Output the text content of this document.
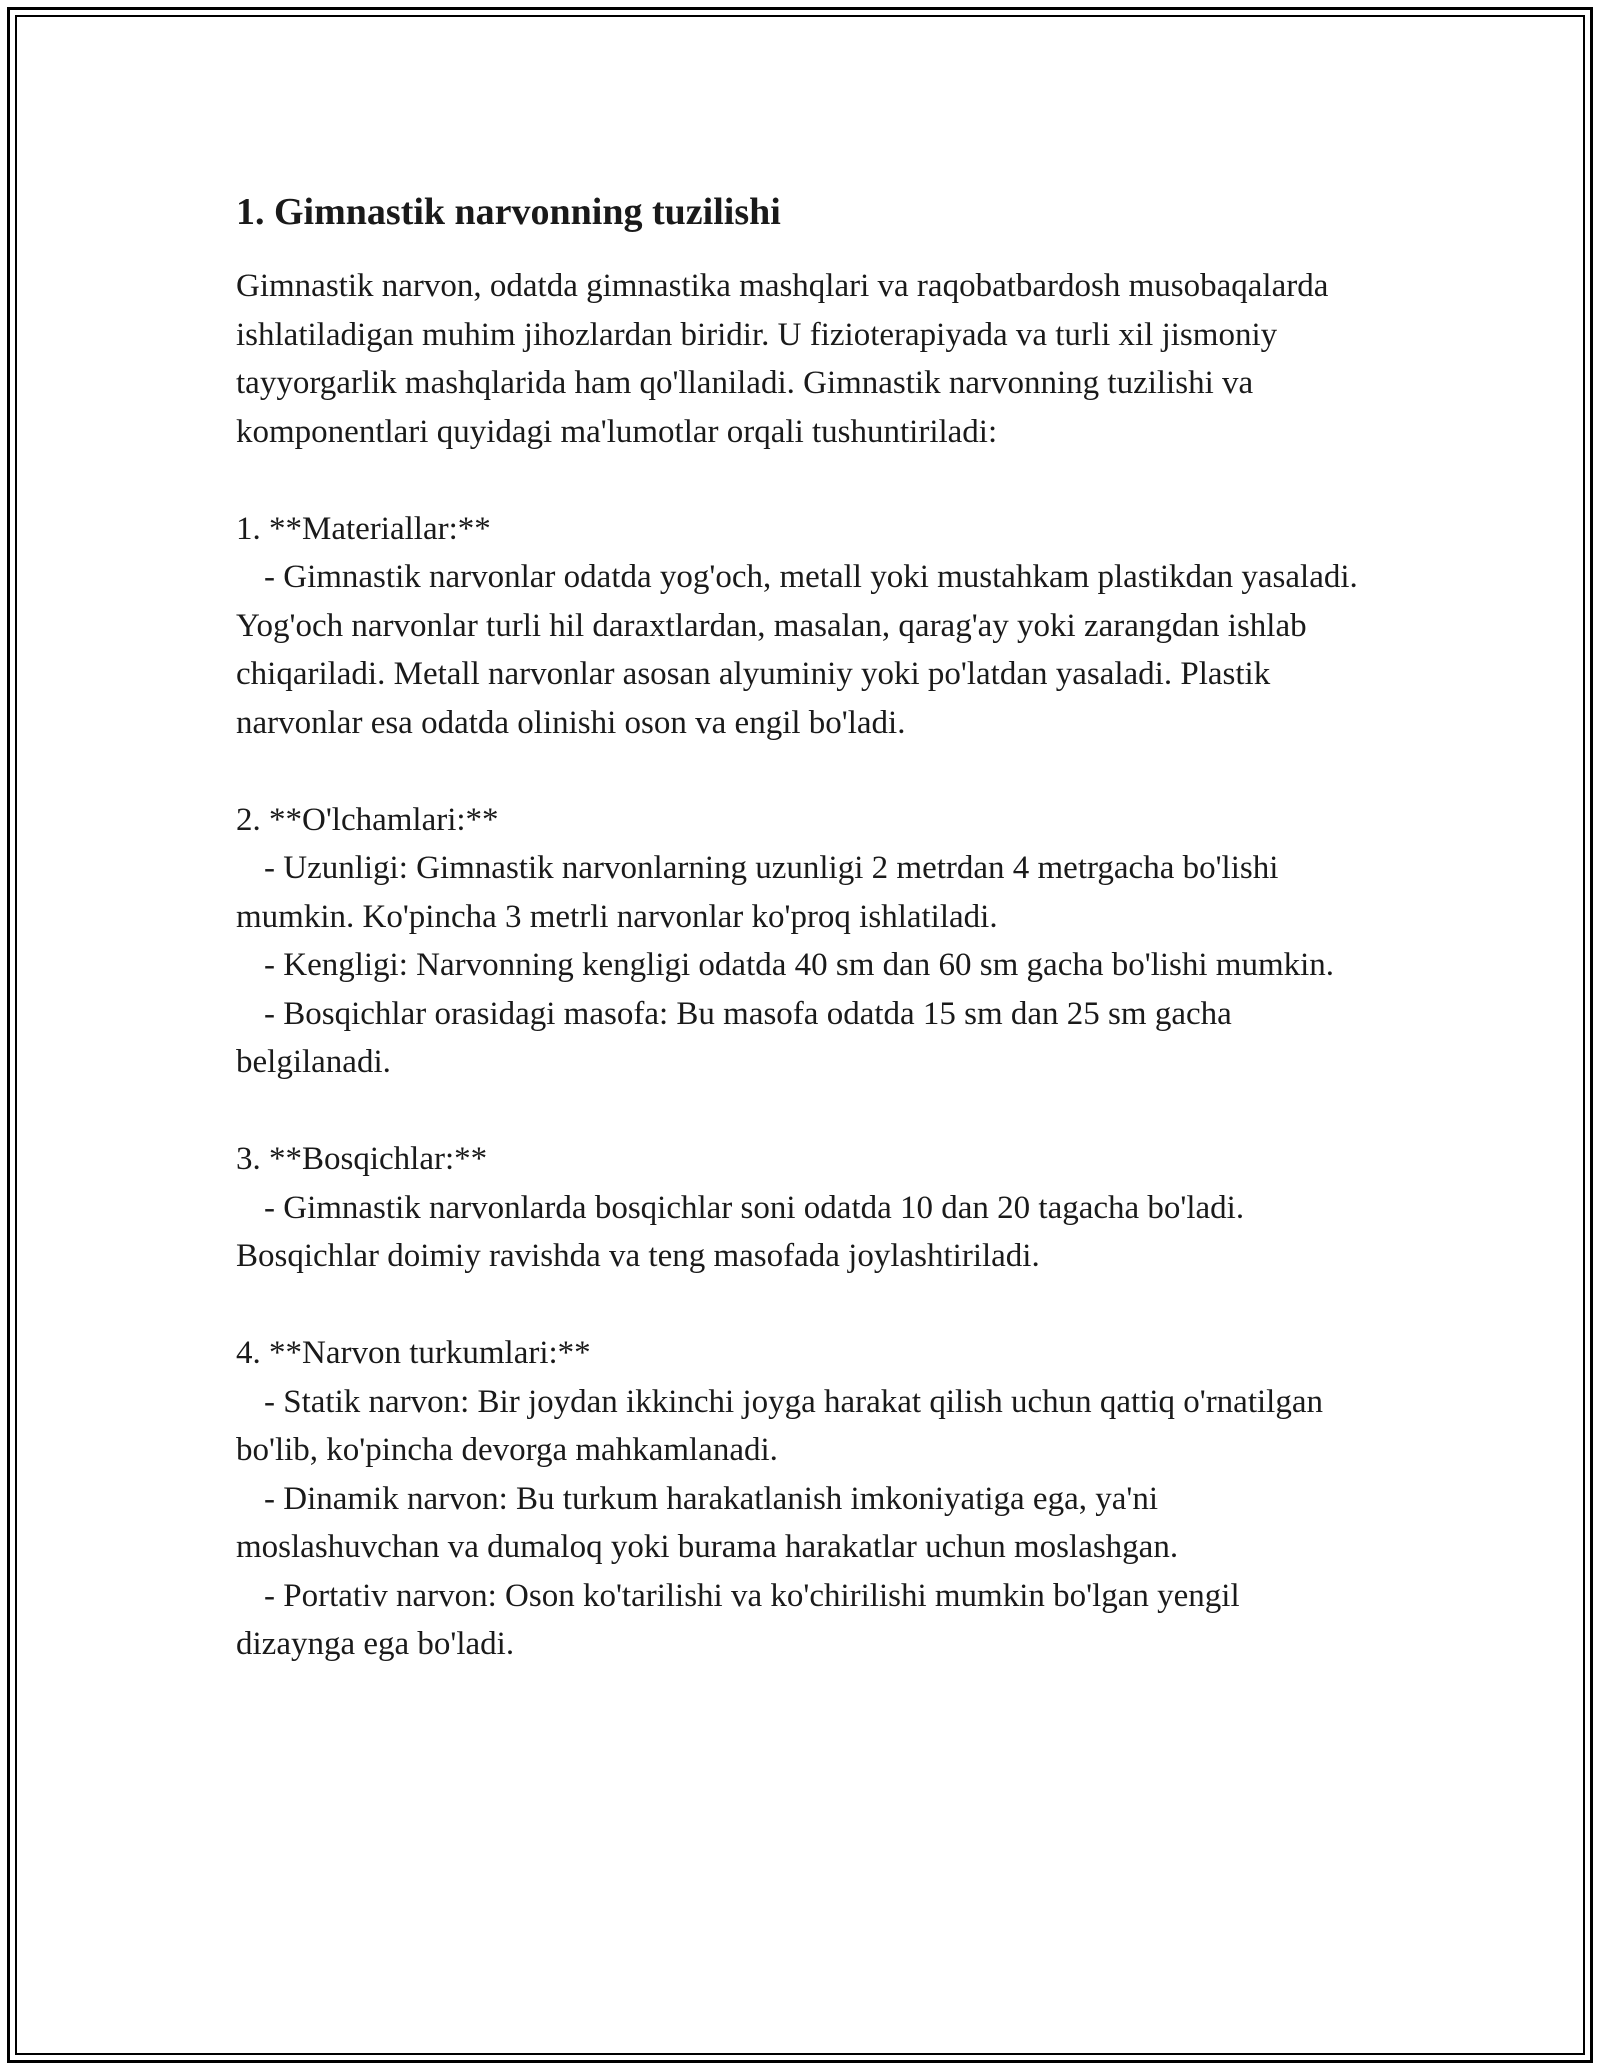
1. Gimnastik narvonning tuzilishi

Gimnastik narvon, odatda gimnastika mashqlari va raqobatbardosh musobaqalarda ishlatiladigan muhim jihozlardan biridir. U fizioterapiyada va turli xil jismoniy tayyorgarlik mashqlarida ham qo'llaniladi. Gimnastik narvonning tuzilishi va komponentlari quyidagi ma'lumotlar orqali tushuntiriladi:

1. **Materiallar:**

- Gimnastik narvonlar odatda yog'och, metall yoki mustahkam plastikdan yasaladi. Yog'och narvonlar turli hil daraxtlardan, masalan, qarag'ay yoki zarangdan ishlab chiqariladi. Metall narvonlar asosan alyuminiy yoki po'latdan yasaladi. Plastik narvonlar esa odatda olinishi oson va engil bo'ladi.

2. **O'lchamlari:**

- Uzunligi: Gimnastik narvonlarning uzunligi 2 metrdan 4 metrgacha bo'lishi mumkin. Ko'pincha 3 metrli narvonlar ko'proq ishlatiladi.

- Kengligi: Narvonning kengligi odatda 40 sm dan 60 sm gacha bo'lishi mumkin.

- Bosqichlar orasidagi masofa: Bu masofa odatda 15 sm dan 25 sm gacha belgilanadi.

3. **Bosqichlar:**

- Gimnastik narvonlarda bosqichlar soni odatda 10 dan 20 tagacha bo'ladi. Bosqichlar doimiy ravishda va teng masofada joylashtiriladi.

4. **Narvon turkumlari:**

- Statik narvon: Bir joydan ikkinchi joyga harakat qilish uchun qattiq o'rnatilgan bo'lib, ko'pincha devorga mahkamlanadi.

- Dinamik narvon: Bu turkum harakatlanish imkoniyatiga ega, ya'ni moslashuvchan va dumaloq yoki burama harakatlar uchun moslashgan.

- Portativ narvon: Oson ko'tarilishi va ko'chirilishi mumkin bo'lgan yengil dizaynga ega bo'ladi.
